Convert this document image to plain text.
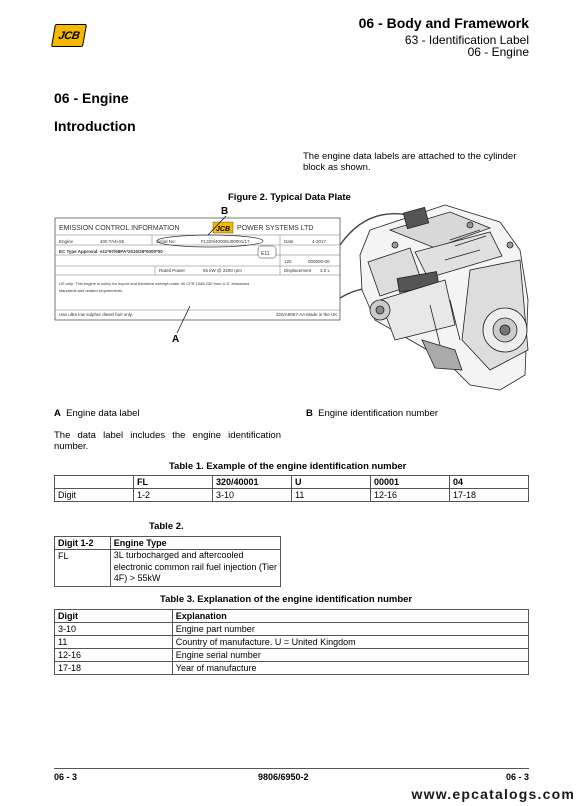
JCB
06 - Body and Framework
63 - Identification Label
06 - Engine
06 - Engine
Introduction
The engine data labels are attached to the cylinder block as shown.
Figure 2. Typical Data Plate
EMISSION CONTROL INFORMATION	JCB POWER SYSTEMS LTD
Engine	400 TA4i-55	Serial No:	FL320/40000U00001/17	Date	4-2017
EC Type Approval: e11*97/68PA*2010/26*0000*00	E11
120	000000-00
Rated Power	55 kW @ 2200 rpm	Displacement 3.0 L
US only: This engine is solely for export and therefore exempt under 40 CFR 1068.230 from U.S. emissions
standards and related requirements.
Use ultra low sulphur diesel fuel only.	320/A8957-AA Made in the UK
B
A
A Engine data label	B Engine identification number
The data label includes the engine identification number.
Table 1. Example of the engine identification number
	FL	320/40001	U	00001	04
Digit	1-2	3-10	11	12-16	17-18
Table 2.
Digit 1-2	Engine Type
FL	3L turbocharged and aftercooled electronic common rail fuel injection (Tier 4F) > 55kW
Table 3. Explanation of the engine identification number
Digit	Explanation
3-10	Engine part number
11	Country of manufacture. U = United Kingdom
12-16	Engine serial number
17-18	Year of manufacture
06 - 3	9806/6950-2	06 - 3
www.epcatalogs.com
